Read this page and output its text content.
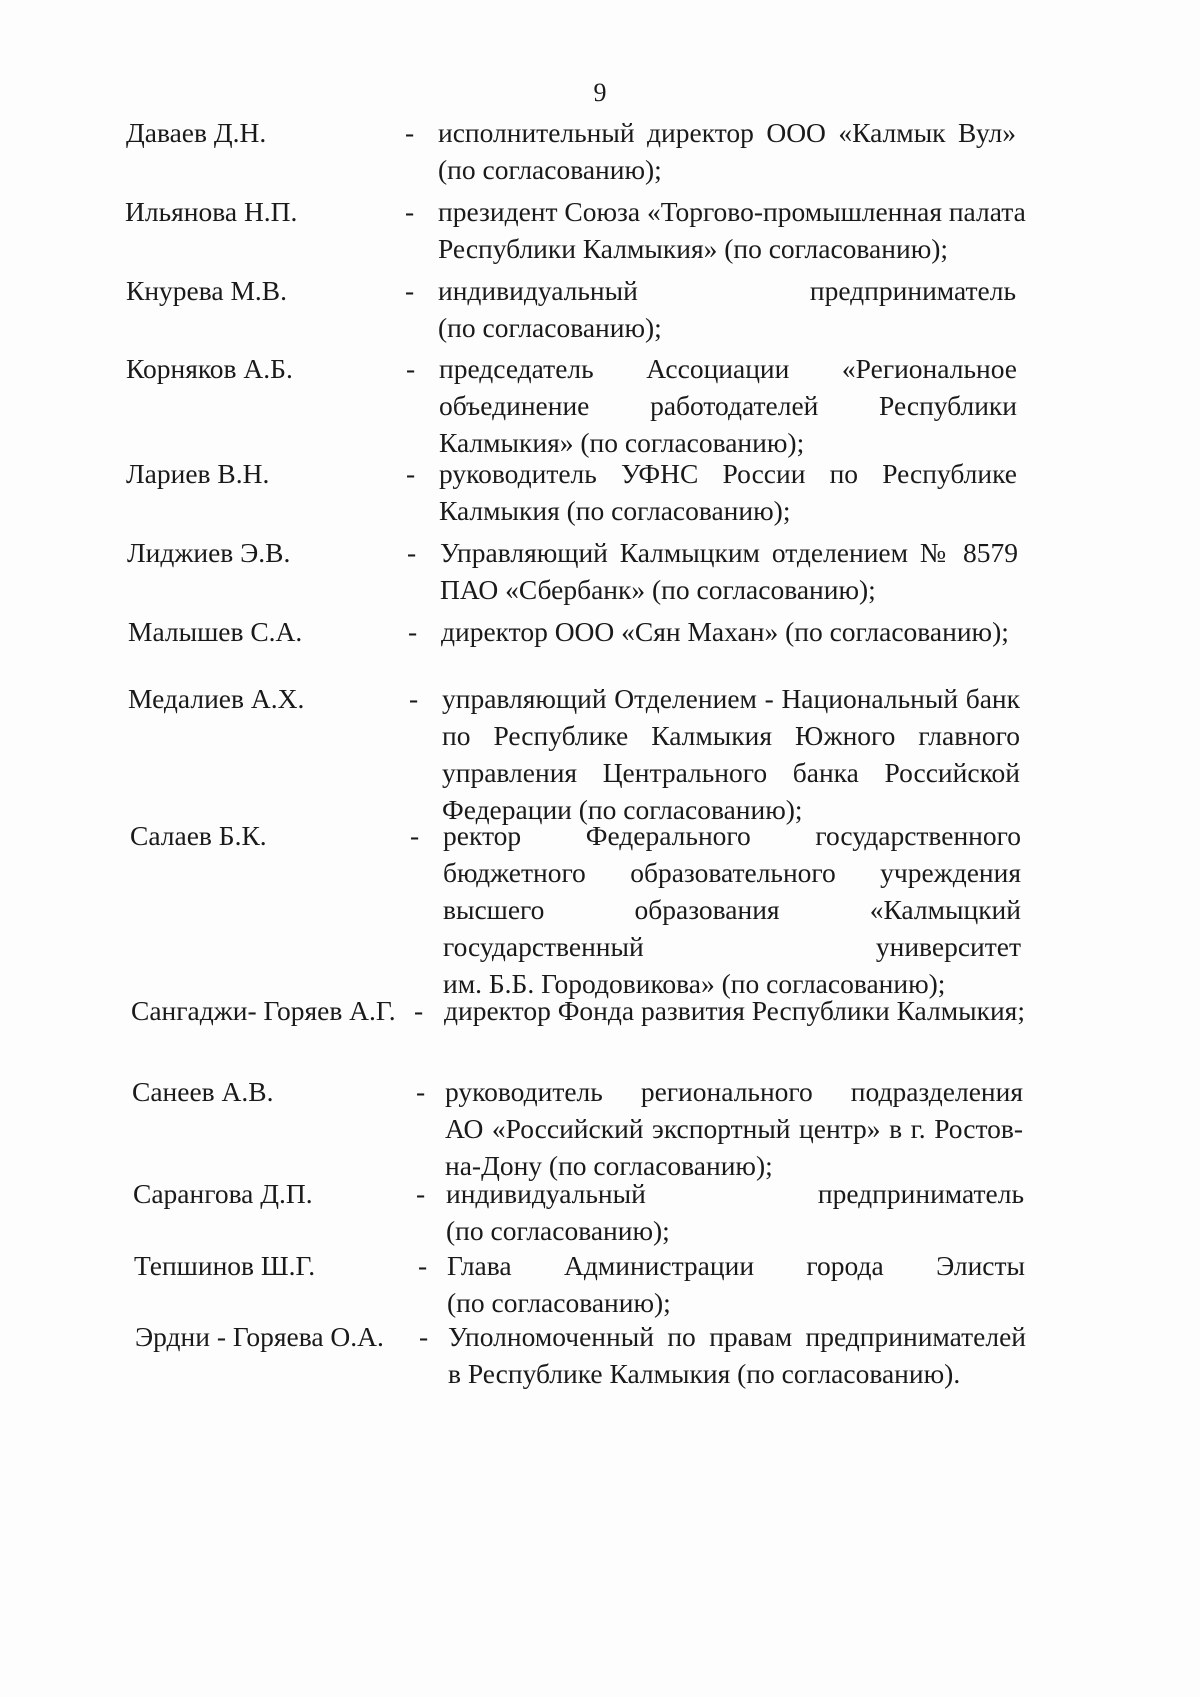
9
Даваев Д.Н.	- исполнительный директор ООО «Калмык Вул»
(по согласованию);
Ильянова Н.П.	- президент Союза «Торгово-промышленная палата
Республики Калмыкия» (по согласованию);
Кнурева М.В.	- индивидуальный предприниматель
(по согласованию);
Корняков А.Б.	- председатель Ассоциации «Региональное
объединение работодателей Республики
Калмыкия» (по согласованию);
Лариев В.Н.	- руководитель УФНС России по Республике
Калмыкия (по согласованию);
Лиджиев Э.В.	- Управляющий Калмыцким отделением № 8579
ПАО «Сбербанк» (по согласованию);
Малышев С.А.	- директор ООО «Сян Махан» (по согласованию);
Медалиев А.Х.	- управляющий Отделением - Национальный банк
по Республике Калмыкия Южного главного
управления Центрального банка Российской
Федерации (по согласованию);
Салаев Б.К.	- ректор Федерального государственного
бюджетного образовательного учреждения
высшего образования «Калмыцкий
государственный университет
им. Б.Б. Городовикова» (по согласованию);
Сангаджи- Горяев А.Г. - директор Фонда развития Республики Калмыкия;
Санеев А.В.	- руководитель регионального подразделения
АО «Российский экспортный центр» в г. Ростов-
на-Дону (по согласованию);
Сарангова Д.П.	- индивидуальный предприниматель
(по согласованию);
Тепшинов Ш.Г.	- Глава Администрации города Элисты
(по согласованию);
Эрдни - Горяева О.А. - Уполномоченный по правам предпринимателей
в Республике Калмыкия (по согласованию).
